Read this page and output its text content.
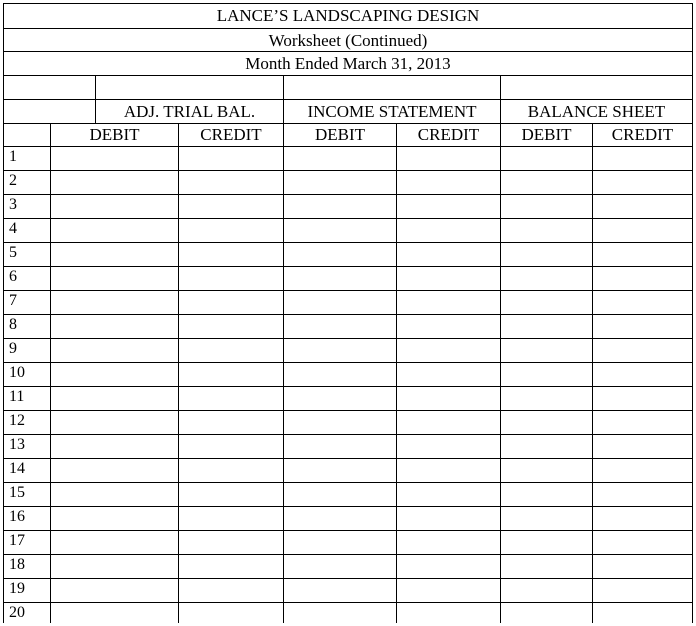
LANCE’S LANDSCAPING DESIGN
Worksheet (Continued)
Month Ended March 31, 2013
ADJ. TRIAL BAL.	INCOME STATEMENT	BALANCE SHEET
DEBIT	CREDIT	DEBIT	CREDIT	DEBIT	CREDIT
1
2
3
4
5
6
7
8
9
10
11
12
13
14
15
16
17
18
19
20
